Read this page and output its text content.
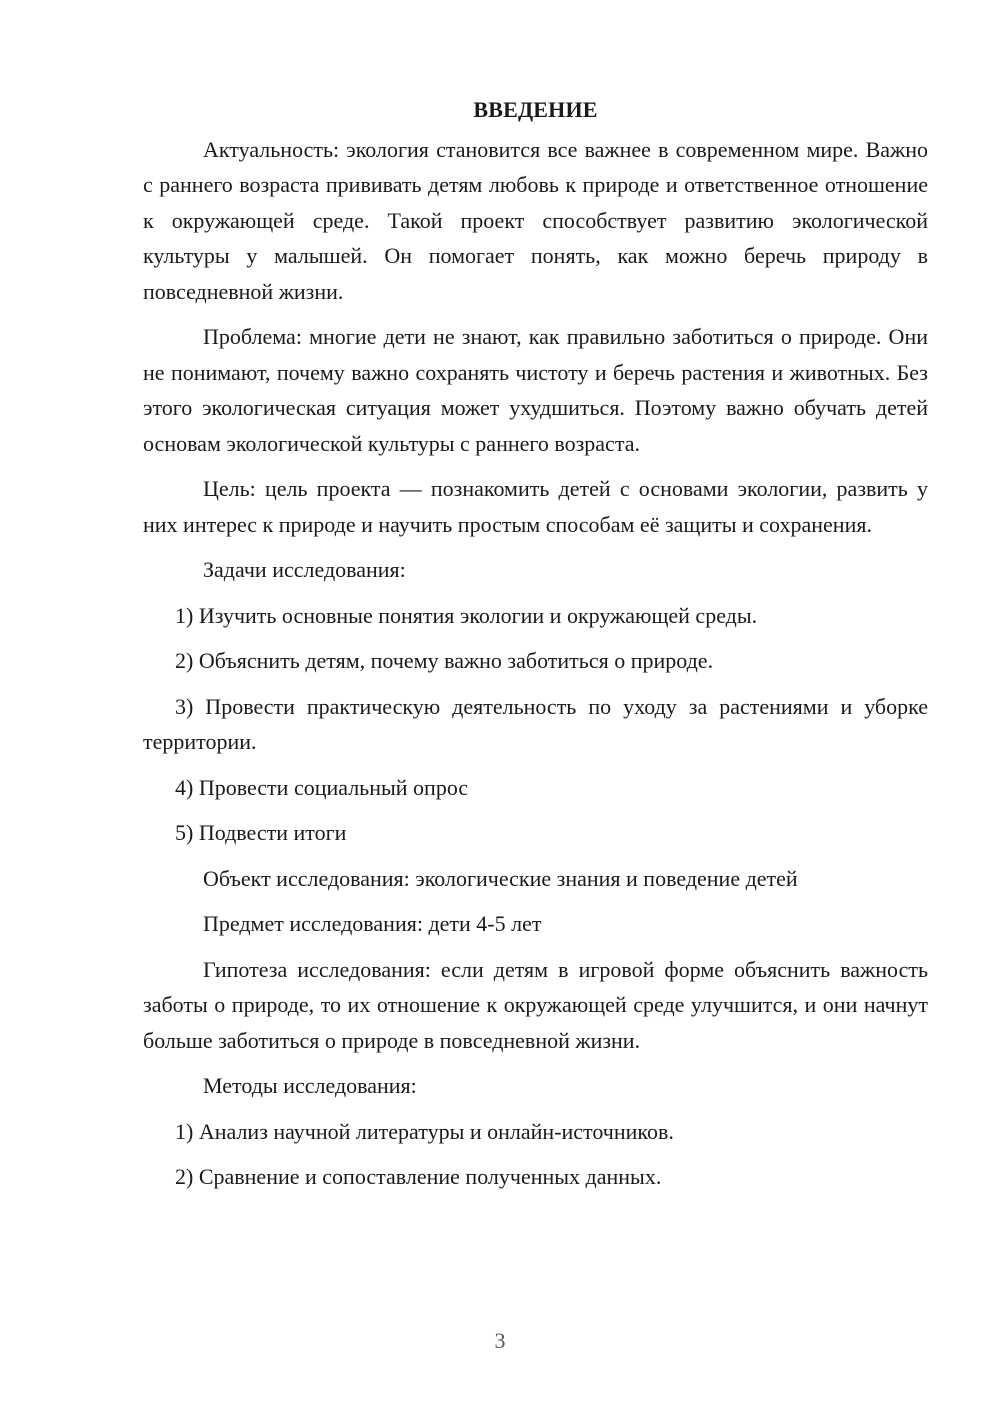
ВВЕДЕНИЕ

Актуальность: экология становится все важнее в современном мире. Важно с раннего возраста прививать детям любовь к природе и ответственное отношение к окружающей среде. Такой проект способствует развитию экологической культуры у малышей. Он помогает понять, как можно беречь природу в повседневной жизни.

Проблема: многие дети не знают, как правильно заботиться о природе. Они не понимают, почему важно сохранять чистоту и беречь растения и животных. Без этого экологическая ситуация может ухудшиться. Поэтому важно обучать детей основам экологической культуры с раннего возраста.

Цель: цель проекта — познакомить детей с основами экологии, развить у них интерес к природе и научить простым способам её защиты и сохранения.

Задачи исследования:

1) Изучить основные понятия экологии и окружающей среды.

2) Объяснить детям, почему важно заботиться о природе.

3) Провести практическую деятельность по уходу за растениями и уборке территории.

4) Провести социальный опрос

5) Подвести итоги

Объект исследования: экологические знания и поведение детей

Предмет исследования: дети 4-5 лет

Гипотеза исследования: если детям в игровой форме объяснить важность заботы о природе, то их отношение к окружающей среде улучшится, и они начнут больше заботиться о природе в повседневной жизни.

Методы исследования:

1) Анализ научной литературы и онлайн-источников.

2) Сравнение и сопоставление полученных данных.

3
